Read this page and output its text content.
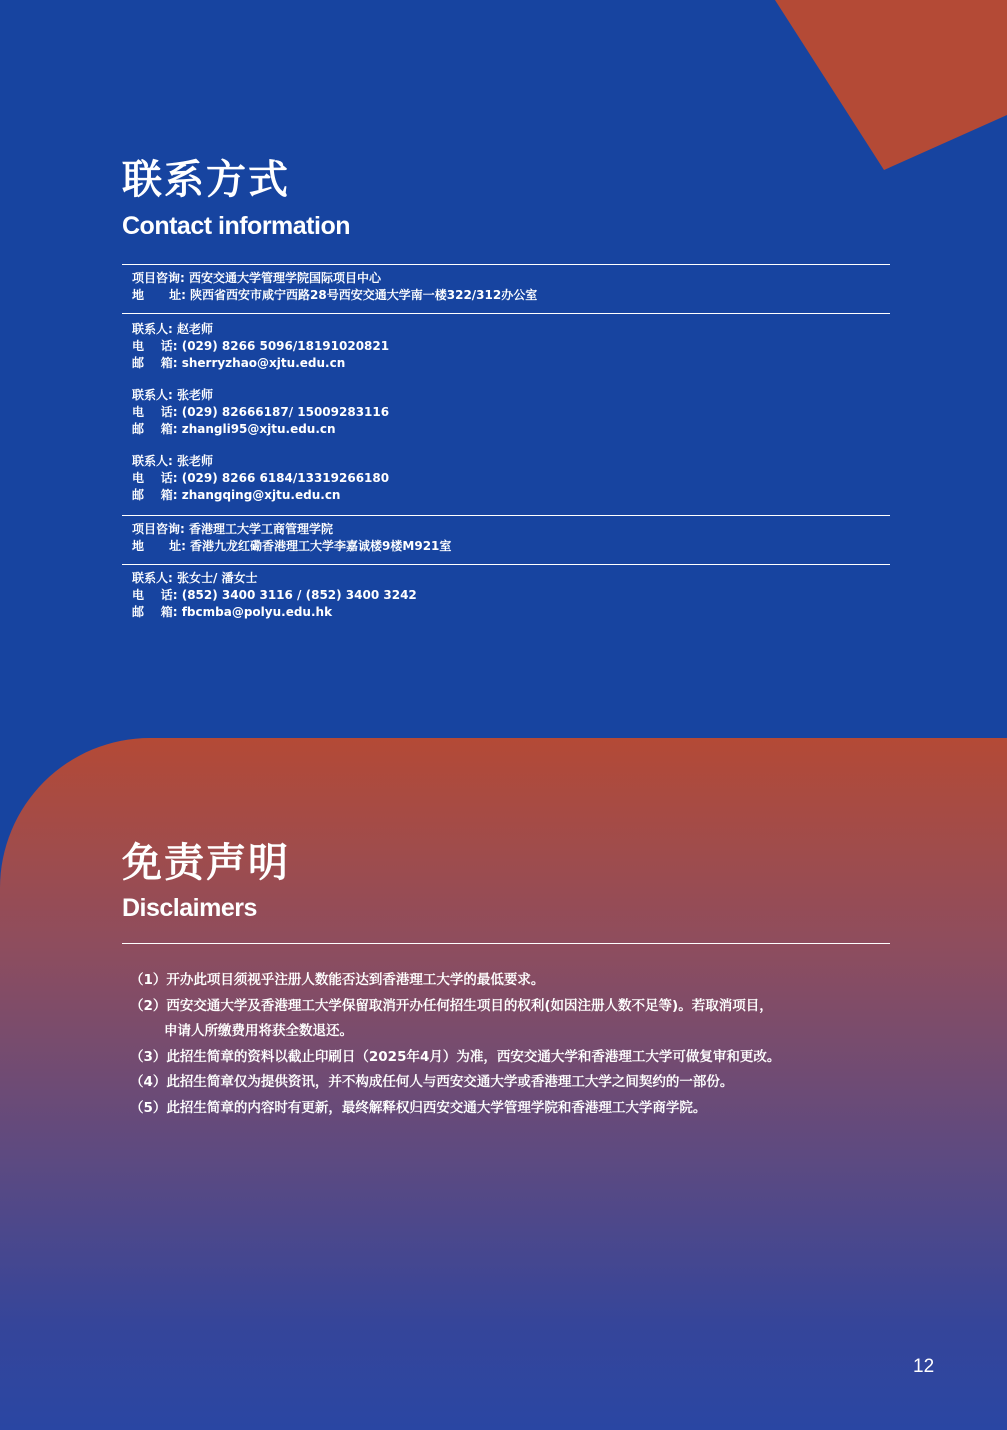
联系方式
Contact information
项目咨询: 西安交通大学管理学院国际项目中心
地      址: 陕西省西安市咸宁西路28号西安交通大学南一楼322/312办公室
联系人: 赵老师
电    话: (029) 8266 5096/18191020821
邮    箱: sherryzhao@xjtu.edu.cn
联系人: 张老师
电    话: (029) 82666187/ 15009283116
邮    箱: zhangli95@xjtu.edu.cn
联系人: 张老师
电    话: (029) 8266 6184/13319266180
邮    箱: zhangqing@xjtu.edu.cn
项目咨询: 香港理工大学工商管理学院
地      址: 香港九龙红磡香港理工大学李嘉诚楼9楼M921室
联系人: 张女士/ 潘女士
电    话: (852) 3400 3116 / (852) 3400 3242
邮    箱: fbcmba@polyu.edu.hk
免责声明
Disclaimers
（1）开办此项目须视乎注册人数能否达到香港理工大学的最低要求。
（2）西安交通大学及香港理工大学保留取消开办任何招生项目的权利(如因注册人数不足等)。若取消项目，
申请人所缴费用将获全数退还。
（3）此招生简章的资料以截止印刷日（2025年4月）为准，西安交通大学和香港理工大学可做复审和更改。
（4）此招生简章仅为提供资讯，并不构成任何人与西安交通大学或香港理工大学之间契约的一部份。
（5）此招生简章的内容时有更新，最终解释权归西安交通大学管理学院和香港理工大学商学院。
12
